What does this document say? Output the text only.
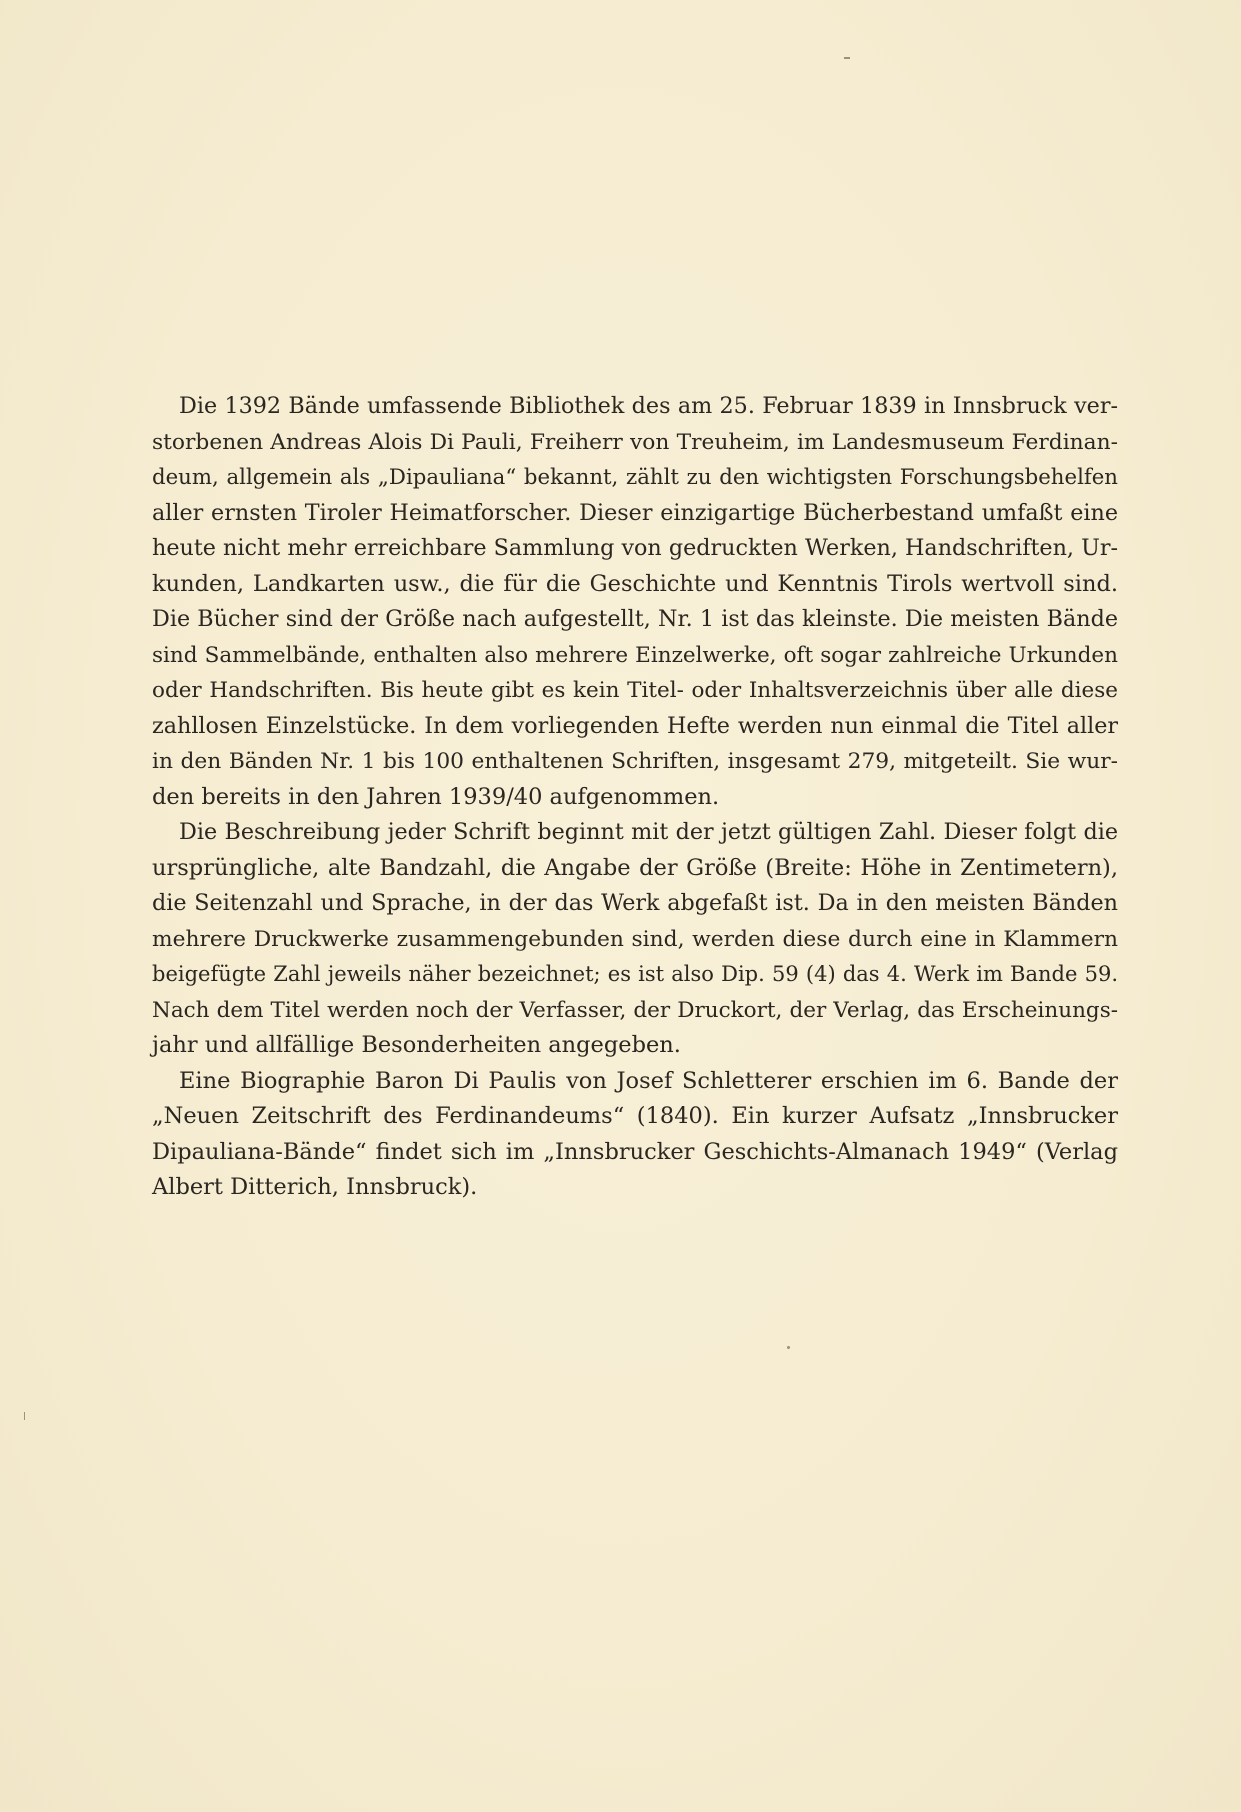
Die 1392 Bände umfassende Bibliothek des am 25. Februar 1839 in Innsbruck ver-
storbenen Andreas Alois Di Pauli, Freiherr von Treuheim, im Landesmuseum Ferdinan-
deum, allgemein als „Dipauliana“ bekannt, zählt zu den wichtigsten Forschungsbehelfen
aller ernsten Tiroler Heimatforscher. Dieser einzigartige Bücherbestand umfaßt eine
heute nicht mehr erreichbare Sammlung von gedruckten Werken, Handschriften, Ur-
kunden, Landkarten usw., die für die Geschichte und Kenntnis Tirols wertvoll sind.
Die Bücher sind der Größe nach aufgestellt, Nr. 1 ist das kleinste. Die meisten Bände
sind Sammelbände, enthalten also mehrere Einzelwerke, oft sogar zahlreiche Urkunden
oder Handschriften. Bis heute gibt es kein Titel- oder Inhaltsverzeichnis über alle diese
zahllosen Einzelstücke. In dem vorliegenden Hefte werden nun einmal die Titel aller
in den Bänden Nr. 1 bis 100 enthaltenen Schriften, insgesamt 279, mitgeteilt. Sie wur-
den bereits in den Jahren 1939/40 aufgenommen.

Die Beschreibung jeder Schrift beginnt mit der jetzt gültigen Zahl. Dieser folgt die
ursprüngliche, alte Bandzahl, die Angabe der Größe (Breite: Höhe in Zentimetern),
die Seitenzahl und Sprache, in der das Werk abgefaßt ist. Da in den meisten Bänden
mehrere Druckwerke zusammengebunden sind, werden diese durch eine in Klammern
beigefügte Zahl jeweils näher bezeichnet; es ist also Dip. 59 (4) das 4. Werk im Bande 59.
Nach dem Titel werden noch der Verfasser, der Druckort, der Verlag, das Erscheinungs-
jahr und allfällige Besonderheiten angegeben.

Eine Biographie Baron Di Paulis von Josef Schletterer erschien im 6. Bande der
„Neuen Zeitschrift des Ferdinandeums“ (1840). Ein kurzer Aufsatz „Innsbrucker
Dipauliana-Bände“ findet sich im „Innsbrucker Geschichts-Almanach 1949“ (Verlag
Albert Ditterich, Innsbruck).
